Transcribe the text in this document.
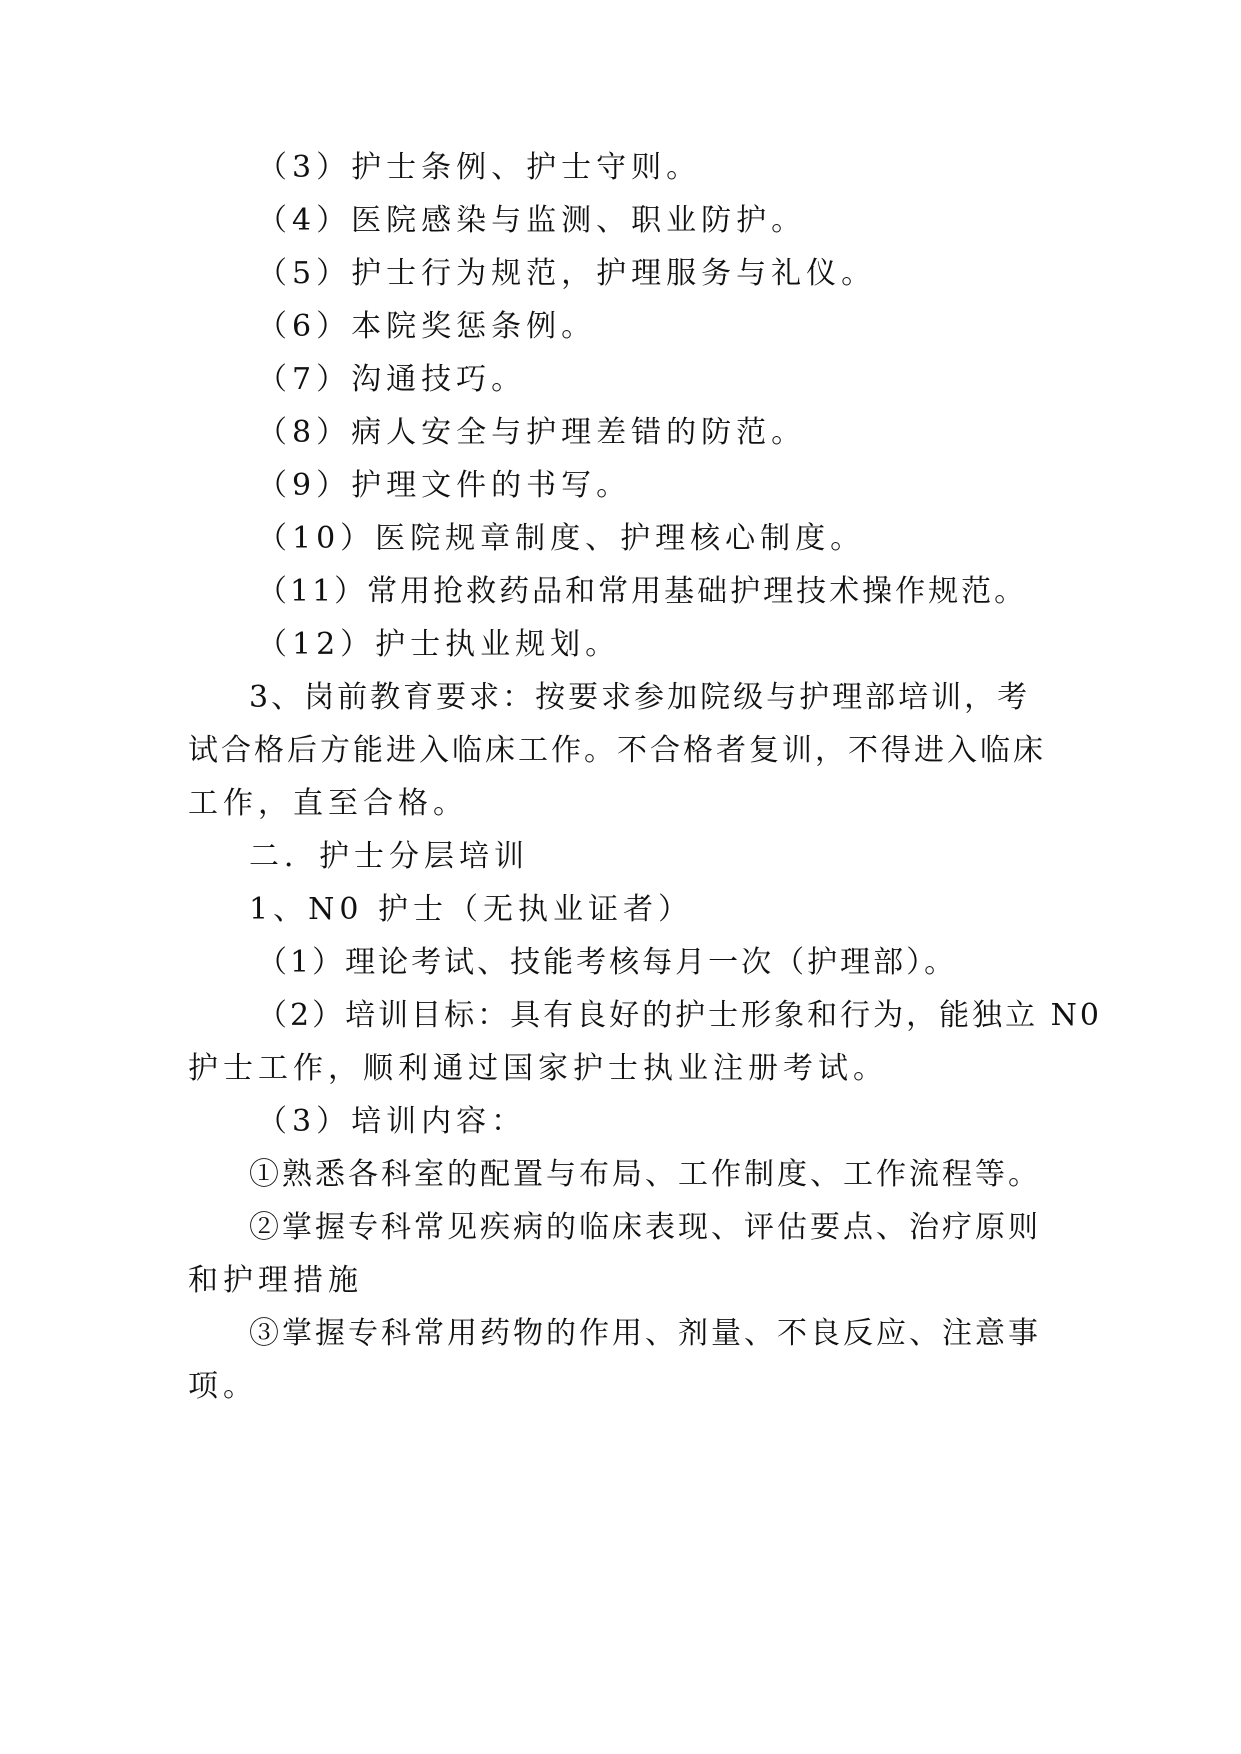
（3）护士条例、护士守则。
（4）医院感染与监测、职业防护。
（5）护士行为规范，护理服务与礼仪。
（6）本院奖惩条例。
（7）沟通技巧。
（8）病人安全与护理差错的防范。
（9）护理文件的书写。
（10）医院规章制度、护理核心制度。
（11）常用抢救药品和常用基础护理技术操作规范。
（12）护士执业规划。
3、岗前教育要求：按要求参加院级与护理部培训，考
试合格后方能进入临床工作。不合格者复训，不得进入临床
工作，直至合格。
二．护士分层培训
1、N0 护士（无执业证者）
（1）理论考试、技能考核每月一次（护理部）。
（2）培训目标：具有良好的护士形象和行为，能独立 N0
护士工作，顺利通过国家护士执业注册考试。
（3）培训内容：
①熟悉各科室的配置与布局、工作制度、工作流程等。
②掌握专科常见疾病的临床表现、评估要点、治疗原则
和护理措施
③掌握专科常用药物的作用、剂量、不良反应、注意事
项。
